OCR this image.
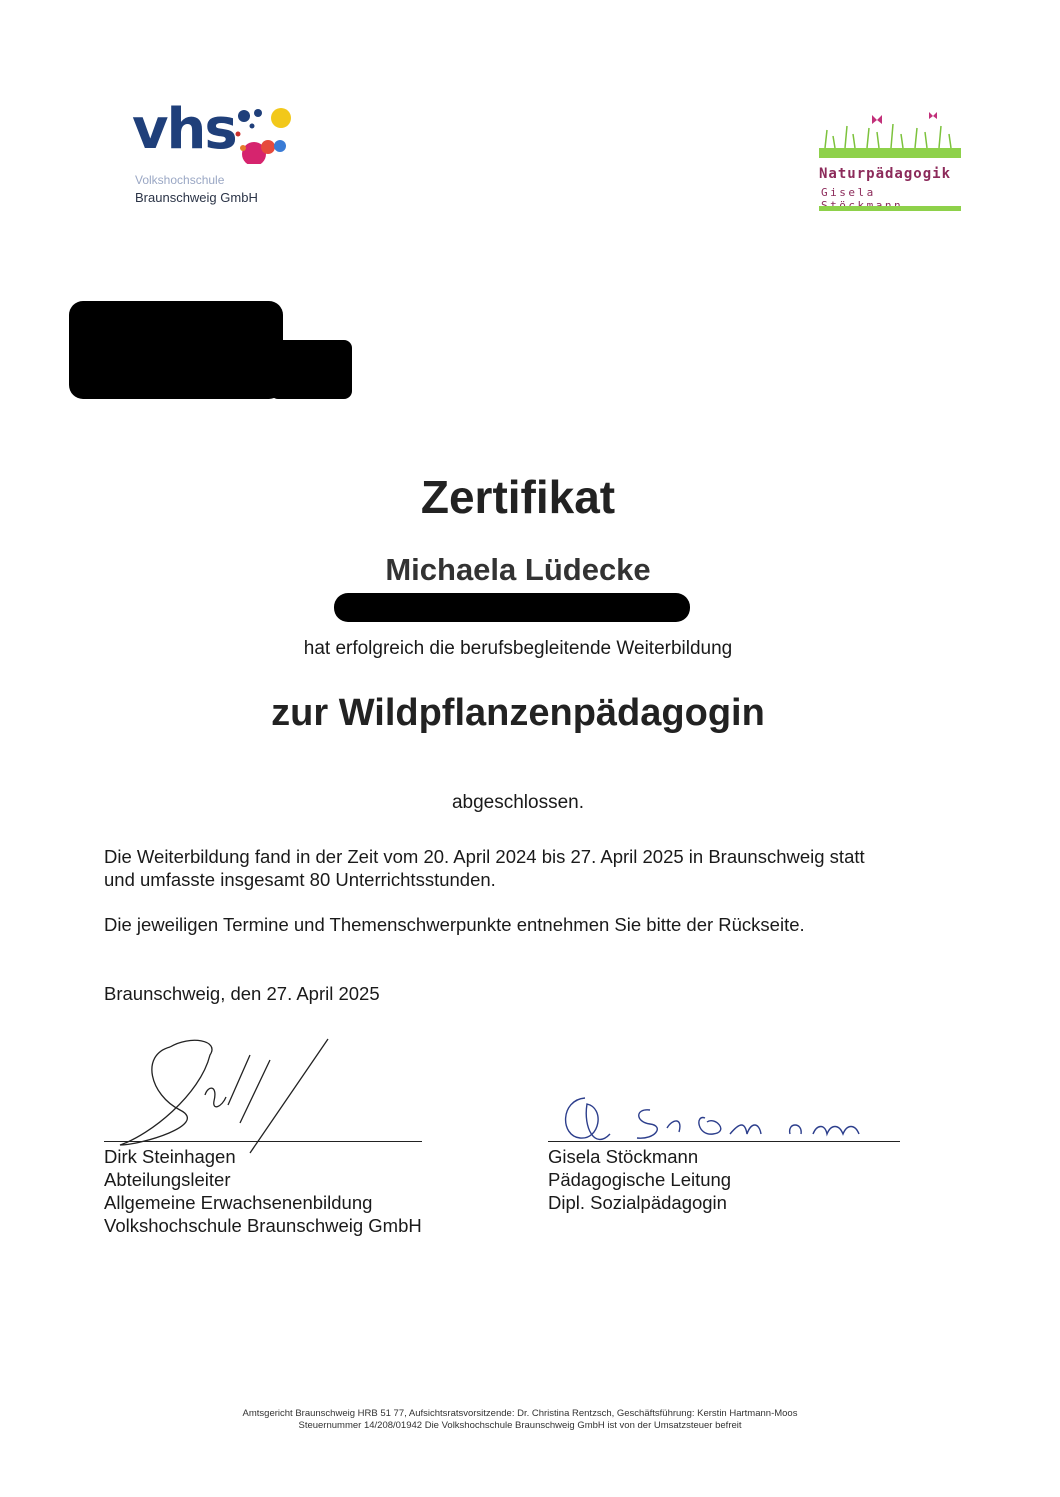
vhs
Volkshochschule
Braunschweig GmbH
Naturpädagogik
Gisela
Zertifikat
Michaela Lüdecke
hat erfolgreich die berufsbegleitende Weiterbildung
zur Wildpflanzenpädagogin
abgeschlossen.
Die Weiterbildung fand in der Zeit vom 20. April 2024 bis 27. April 2025 in Braunschweig statt
und umfasste insgesamt 80 Unterrichtsstunden.
Die jeweiligen Termine und Themenschwerpunkte entnehmen Sie bitte der Rückseite.
Braunschweig, den 27. April 2025
Dirk Steinhagen
Abteilungsleiter
Allgemeine Erwachsenenbildung
Volkshochschule Braunschweig GmbH
Gisela Stöckmann
Pädagogische Leitung
Dipl. Sozialpädagogin
Amtsgericht Braunschweig HRB 51 77, Aufsichtsratsvorsitzende: Dr. Christina Rentzsch, Geschäftsführung: Kerstin Hartmann-Moos
Steuernummer 14/208/01942 Die Volkshochschule Braunschweig GmbH ist von der Umsatzsteuer befreit
